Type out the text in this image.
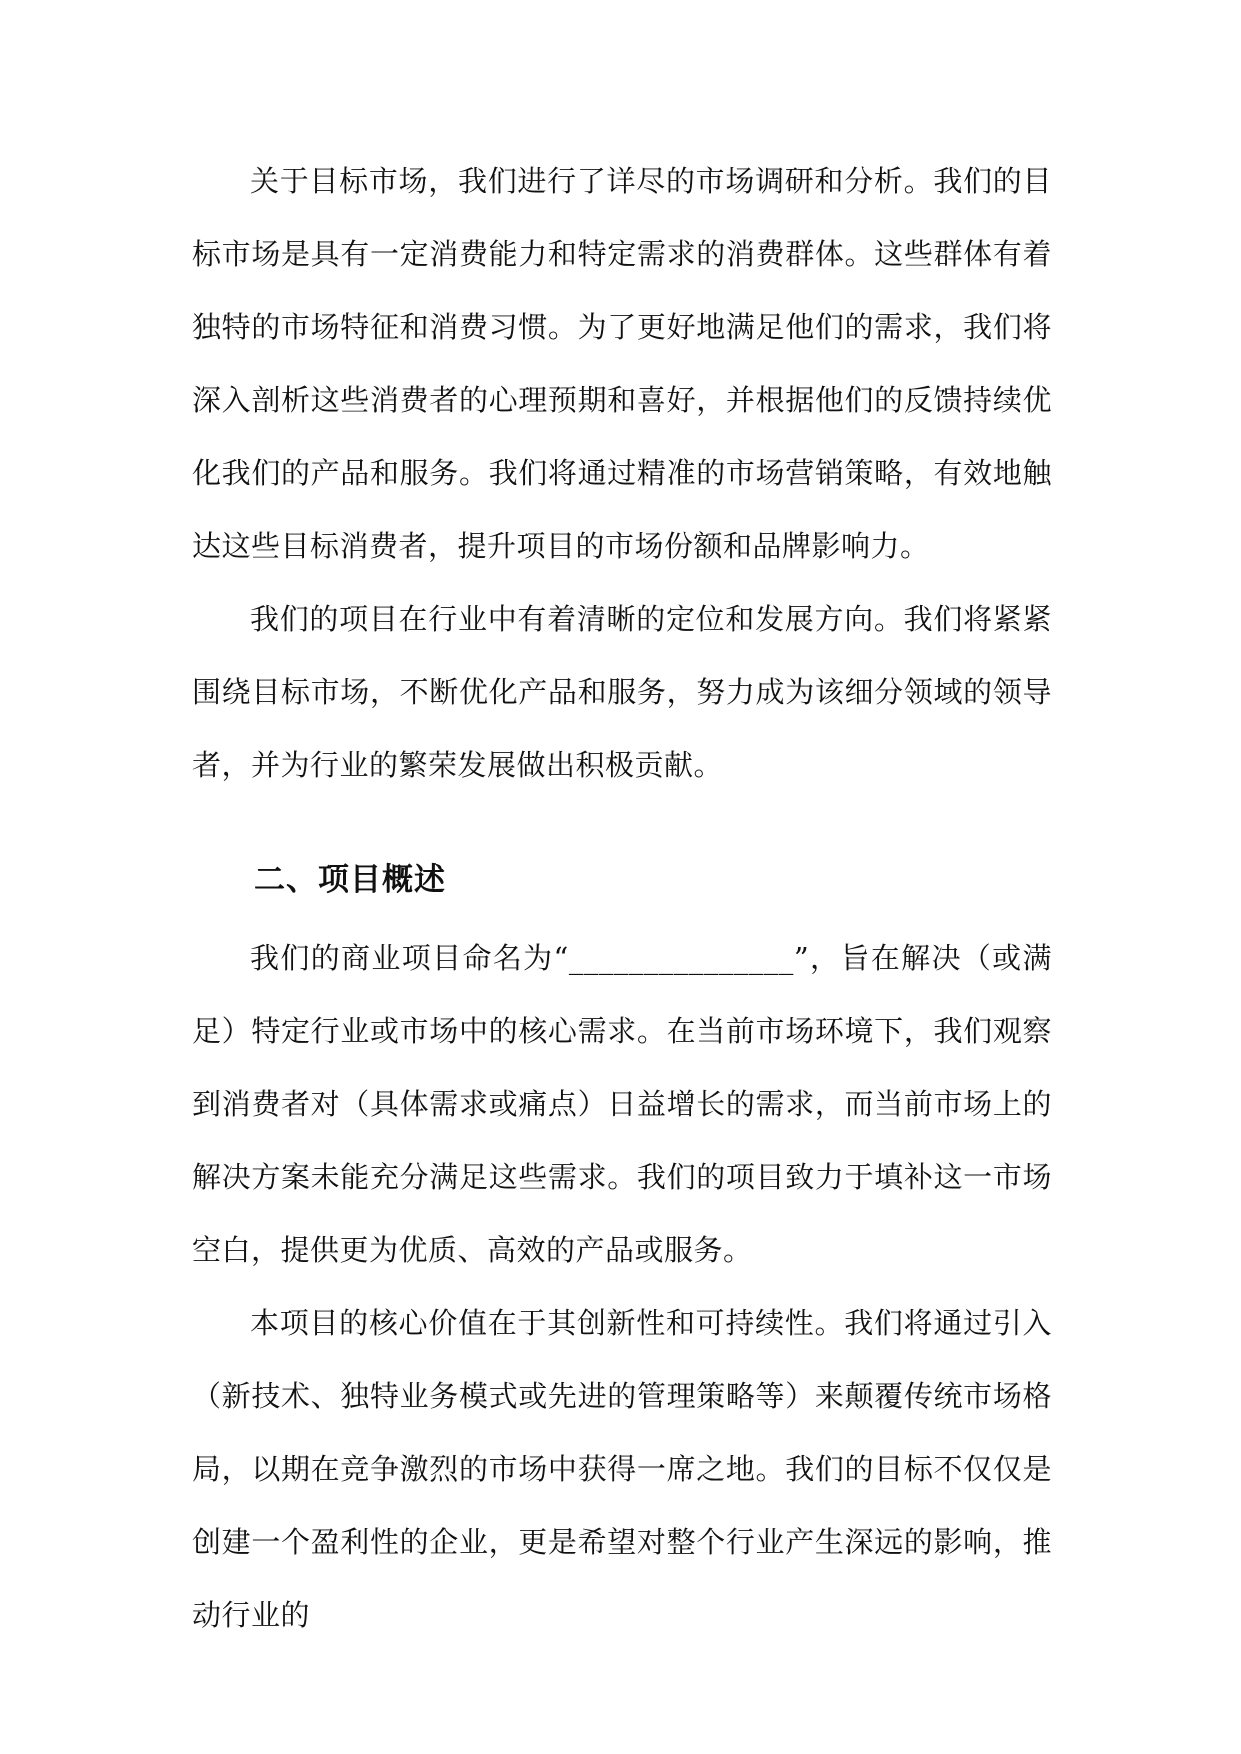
关于目标市场，我们进行了详尽的市场调研和分析。我们的目标市场是具有一定消费能力和特定需求的消费群体。这些群体有着独特的市场特征和消费习惯。为了更好地满足他们的需求，我们将深入剖析这些消费者的心理预期和喜好，并根据他们的反馈持续优化我们的产品和服务。我们将通过精准的市场营销策略，有效地触达这些目标消费者，提升项目的市场份额和品牌影响力。

我们的项目在行业中有着清晰的定位和发展方向。我们将紧紧围绕目标市场，不断优化产品和服务，努力成为该细分领域的领导者，并为行业的繁荣发展做出积极贡献。

二、项目概述

我们的商业项目命名为“_______________”，旨在解决（或满足）特定行业或市场中的核心需求。在当前市场环境下，我们观察到消费者对（具体需求或痛点）日益增长的需求，而当前市场上的解决方案未能充分满足这些需求。我们的项目致力于填补这一市场空白，提供更为优质、高效的产品或服务。

本项目的核心价值在于其创新性和可持续性。我们将通过引入（新技术、独特业务模式或先进的管理策略等）来颠覆传统市场格局，以期在竞争激烈的市场中获得一席之地。我们的目标不仅仅是创建一个盈利性的企业，更是希望对整个行业产生深远的影响，推动行业的
